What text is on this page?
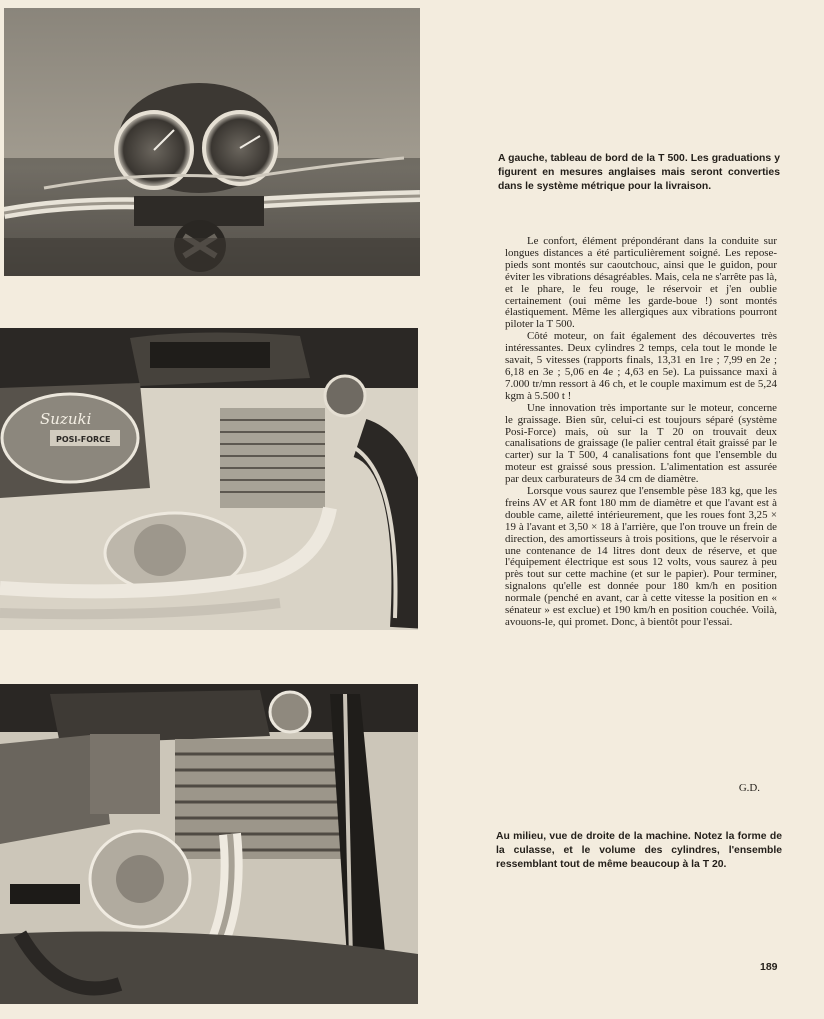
A gauche, tableau de bord de la T 500. Les graduations y figurent en mesures anglaises mais seront converties dans le système métrique pour la livraison.
Suzuki
POSI-FORCE

Le confort, élément prépondérant dans la conduite sur longues distances a été particulièrement soigné. Les repose-pieds sont montés sur caoutchouc, ainsi que le guidon, pour éviter les vibrations désagréables. Mais, cela ne s'arrête pas là, et le phare, le feu rouge, le réservoir et j'en oublie certainement (oui même les garde-boue !) sont montés élastiquement. Même les allergiques aux vibrations pourront piloter la T 500.

Côté moteur, on fait également des découvertes très intéressantes. Deux cylindres 2 temps, cela tout le monde le savait, 5 vitesses (rapports finals, 13,31 en 1re ; 7,99 en 2e ; 6,18 en 3e ; 5,06 en 4e ; 4,63 en 5e). La puissance maxi à 7.000 tr/mn ressort à 46 ch, et le couple maximum est de 5,24 kgm à 5.500 t !

Une innovation très importante sur le moteur, concerne le graissage. Bien sûr, celui-ci est toujours séparé (système Posi-Force) mais, où sur la T 20 on trouvait deux canalisations de graissage (le palier central était graissé par le carter) sur la T 500, 4 canalisations font que l'ensemble du moteur est graissé sous pression. L'alimentation est assurée par deux carburateurs de 34 cm de diamètre.

Lorsque vous saurez que l'ensemble pèse 183 kg, que les freins AV et AR font 180 mm de diamètre et que l'avant est à double came, ailetté intérieurement, que les roues font 3,25 × 19 à l'avant et 3,50 × 18 à l'arrière, que l'on trouve un frein de direction, des amortisseurs à trois positions, que le réservoir a une contenance de 14 litres dont deux de réserve, et que l'équipement électrique est sous 12 volts, vous saurez à peu près tout sur cette machine (et sur le papier). Pour terminer, signalons qu'elle est donnée pour 180 km/h en position normale (penché en avant, car à cette vitesse la position en « sénateur » est exclue) et 190 km/h en position couchée. Voilà, avouons-le, qui promet. Donc, à bientôt pour l'essai.

G.D.
Au milieu, vue de droite de la machine. Notez la forme de la culasse, et le volume des cylindres, l'ensemble ressemblant tout de même beaucoup à la T 20.
189
